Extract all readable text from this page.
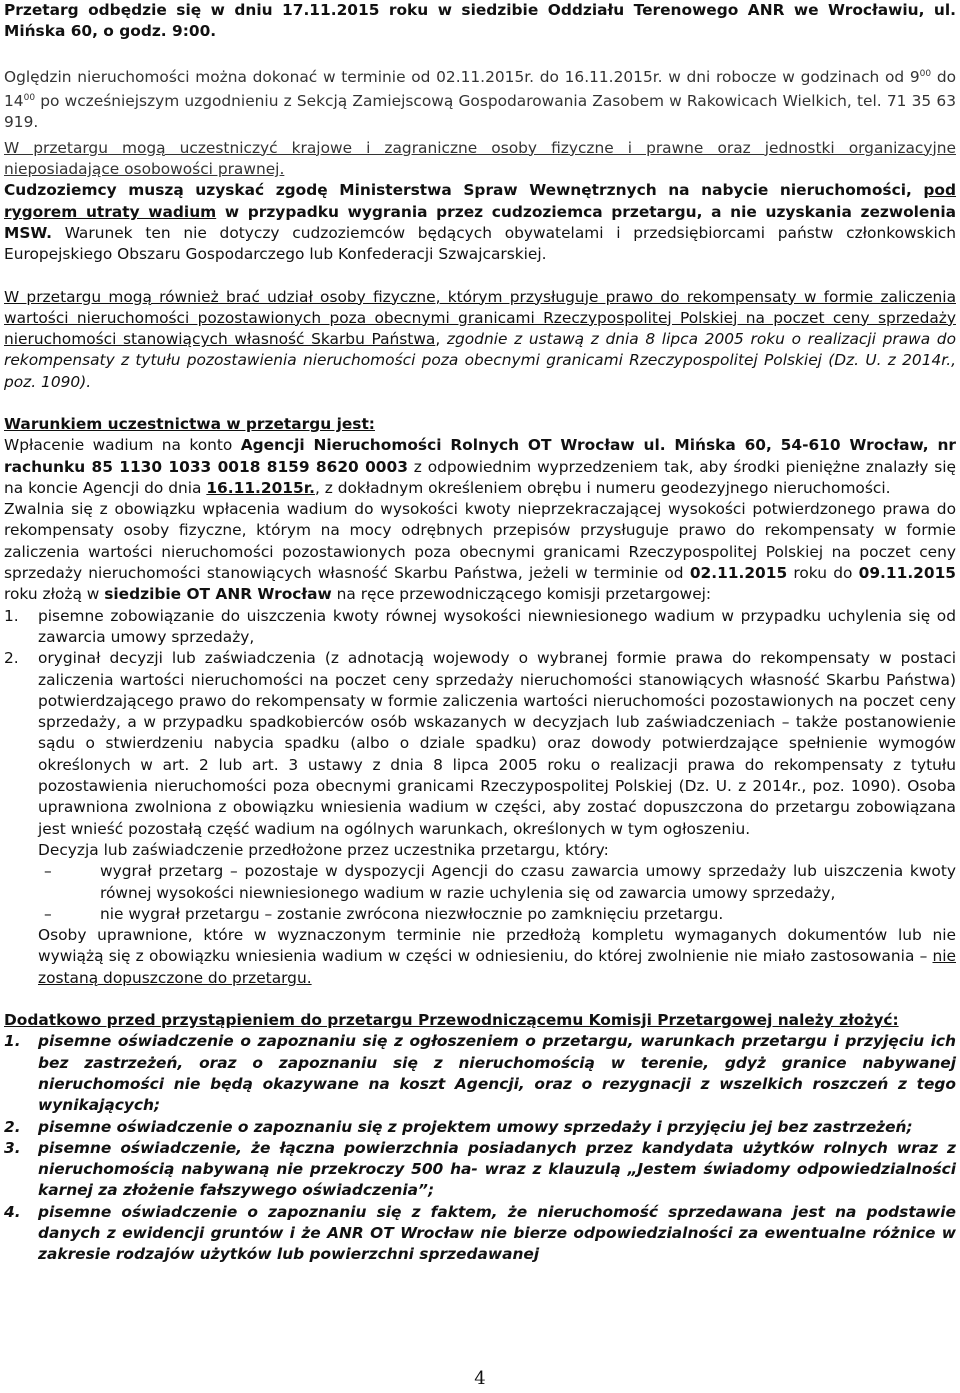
Przetarg odbędzie się w dniu 17.11.2015 roku w siedzibie Oddziału Terenowego ANR we Wrocławiu, ul. Mińska 60, o godz. 9:00.

Oględzin nieruchomości można dokonać w terminie od 02.11.2015r. do 16.11.2015r. w dni robocze w godzinach od $9^{00}$ do $14^{00}$ po wcześniejszym uzgodnieniu z Sekcją Zamiejscową Gospodarowania Zasobem w Rakowicach Wielkich, tel. 71 35 63 919.

W przetargu mogą uczestniczyć krajowe i zagraniczne osoby fizyczne i prawne oraz jednostki organizacyjne nieposiadające osobowości prawnej.

Cudzoziemcy muszą uzyskać zgodę Ministerstwa Spraw Wewnętrznych na nabycie nieruchomości, pod rygorem utraty wadium w przypadku wygrania przez cudzoziemca przetargu, a nie uzyskania zezwolenia MSW. Warunek ten nie dotyczy cudzoziemców będących obywatelami i przedsiębiorcami państw członkowskich Europejskiego Obszaru Gospodarczego lub Konfederacji Szwajcarskiej.

W przetargu mogą również brać udział osoby fizyczne, którym przysługuje prawo do rekompensaty w formie zaliczenia wartości nieruchomości pozostawionych poza obecnymi granicami Rzeczypospolitej Polskiej na poczet ceny sprzedaży nieruchomości stanowiących własność Skarbu Państwa, zgodnie z ustawą z dnia 8 lipca 2005 roku o realizacji prawa do rekompensaty z tytułu pozostawienia nieruchomości poza obecnymi granicami Rzeczypospolitej Polskiej (Dz. U. z 2014r., poz. 1090).

Warunkiem uczestnictwa w przetargu jest:

Wpłacenie wadium na konto Agencji Nieruchomości Rolnych OT Wrocław ul. Mińska 60, 54-610 Wrocław, nr rachunku 85 1130 1033 0018 8159 8620 0003 z odpowiednim wyprzedzeniem tak, aby środki pieniężne znalazły się na koncie Agencji do dnia 16.11.2015r., z dokładnym określeniem obrębu i numeru geodezyjnego nieruchomości.

Zwalnia się z obowiązku wpłacenia wadium do wysokości kwoty nieprzekraczającej wysokości potwierdzonego prawa do rekompensaty osoby fizyczne, którym na mocy odrębnych przepisów przysługuje prawo do rekompensaty w formie zaliczenia wartości nieruchomości pozostawionych poza obecnymi granicami Rzeczypospolitej Polskiej na poczet ceny sprzedaży nieruchomości stanowiących własność Skarbu Państwa, jeżeli w terminie od 02.11.2015 roku do 09.11.2015 roku złożą w siedzibie OT ANR Wrocław na ręce przewodniczącego komisji przetargowej:

1. pisemne zobowiązanie do uiszczenia kwoty równej wysokości niewniesionego wadium w przypadku uchylenia się od zawarcia umowy sprzedaży,
2. oryginał decyzji lub zaświadczenia (z adnotacją wojewody o wybranej formie prawa do rekompensaty w postaci zaliczenia wartości nieruchomości na poczet ceny sprzedaży nieruchomości stanowiących własność Skarbu Państwa) potwierdzającego prawo do rekompensaty w formie zaliczenia wartości nieruchomości pozostawionych na poczet ceny sprzedaży, a w przypadku spadkobierców osób wskazanych w decyzjach lub zaświadczeniach – także postanowienie sądu o stwierdzeniu nabycia spadku (albo o dziale spadku) oraz dowody potwierdzające spełnienie wymogów określonych w art. 2 lub art. 3 ustawy z dnia 8 lipca 2005 roku o realizacji prawa do rekompensaty z tytułu pozostawienia nieruchomości poza obecnymi granicami Rzeczypospolitej Polskiej (Dz. U. z 2014r., poz. 1090). Osoba uprawniona zwolniona z obowiązku wniesienia wadium w części, aby zostać dopuszczona do przetargu zobowiązana jest wnieść pozostałą część wadium na ogólnych warunkach, określonych w tym ogłoszeniu.
Decyzja lub zaświadczenie przedłożone przez uczestnika przetargu, który:
–	wygrał przetarg – pozostaje w dyspozycji Agencji do czasu zawarcia umowy sprzedaży lub uiszczenia kwoty równej wysokości niewniesionego wadium w razie uchylenia się od zawarcia umowy sprzedaży,
–	nie wygrał przetargu – zostanie zwrócona niezwłocznie po zamknięciu przetargu.
Osoby uprawnione, które w wyznaczonym terminie nie przedłożą kompletu wymaganych dokumentów lub nie wywiążą się z obowiązku wniesienia wadium w części w odniesieniu, do której zwolnienie nie miało zastosowania – nie zostaną dopuszczone do przetargu.

Dodatkowo przed przystąpieniem do przetargu Przewodniczącemu Komisji Przetargowej należy złożyć:

1. pisemne oświadczenie o zapoznaniu się z ogłoszeniem o przetargu, warunkach przetargu i przyjęciu ich bez zastrzeżeń, oraz o zapoznaniu się z nieruchomością w terenie, gdyż granice nabywanej nieruchomości nie będą okazywane na koszt Agencji, oraz o rezygnacji z wszelkich roszczeń z tego wynikających;
2. pisemne oświadczenie o zapoznaniu się z projektem umowy sprzedaży i przyjęciu jej bez zastrzeżeń;
3. pisemne oświadczenie, że łączna powierzchnia posiadanych przez kandydata użytków rolnych wraz z nieruchomością nabywaną nie przekroczy 500 ha- wraz z klauzulą „Jestem świadomy odpowiedzialności karnej za złożenie fałszywego oświadczenia”;
4. pisemne oświadczenie o zapoznaniu się z faktem, że nieruchomość sprzedawana jest na podstawie danych z ewidencji gruntów i że ANR OT Wrocław nie bierze odpowiedzialności za ewentualne różnice w zakresie rodzajów użytków lub powierzchni sprzedawanej
4
